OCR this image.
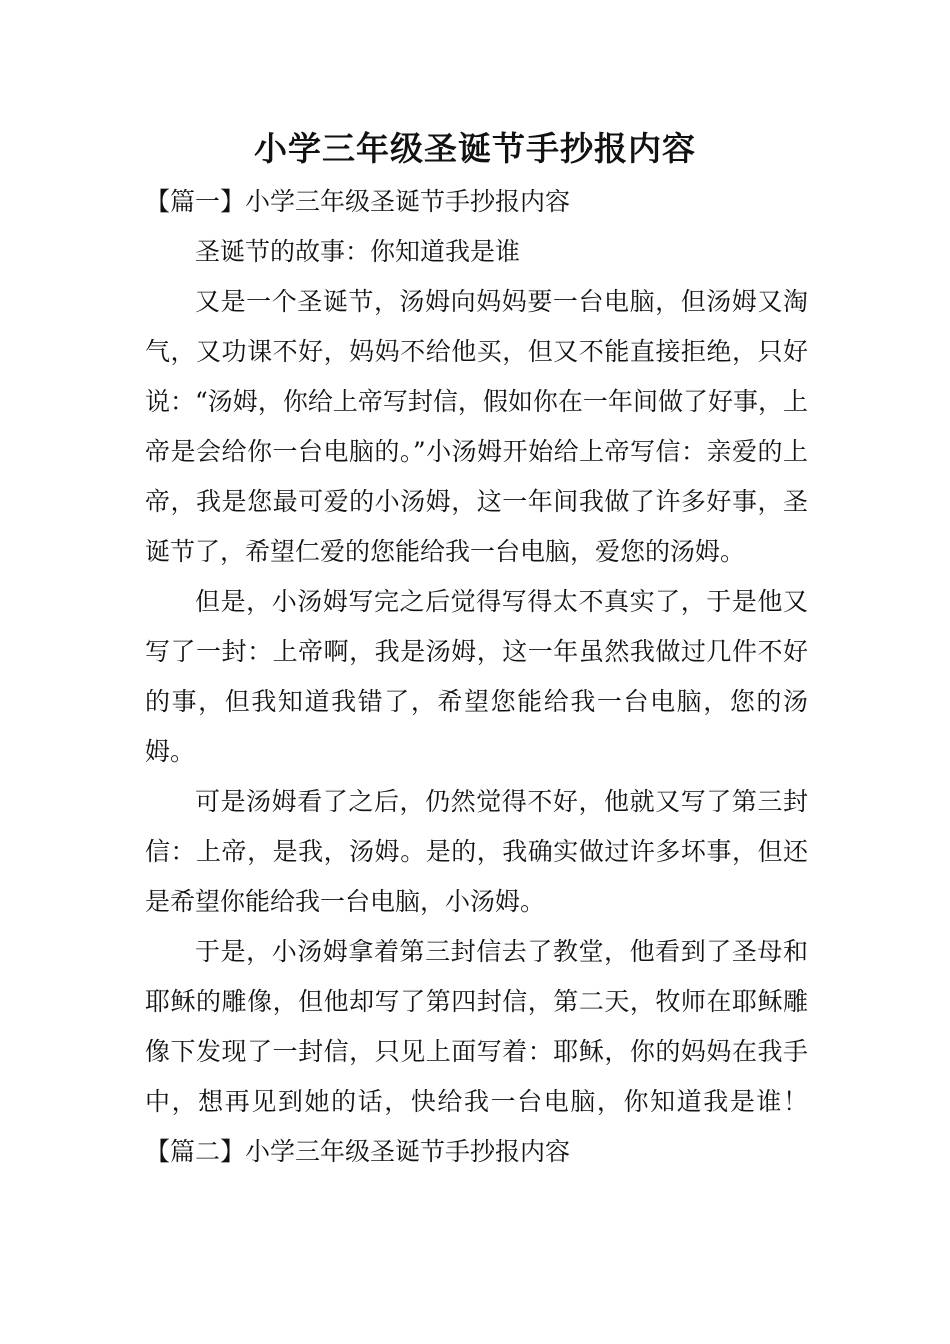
小学三年级圣诞节手抄报内容

【篇一】小学三年级圣诞节手抄报内容

圣诞节的故事：你知道我是谁

又是一个圣诞节，汤姆向妈妈要一台电脑，但汤姆又淘气，又功课不好，妈妈不给他买，但又不能直接拒绝，只好说：“汤姆，你给上帝写封信，假如你在一年间做了好事，上帝是会给你一台电脑的。”小汤姆开始给上帝写信：亲爱的上帝，我是您最可爱的小汤姆，这一年间我做了许多好事，圣诞节了，希望仁爱的您能给我一台电脑，爱您的汤姆。

但是，小汤姆写完之后觉得写得太不真实了，于是他又写了一封：上帝啊，我是汤姆，这一年虽然我做过几件不好的事，但我知道我错了，希望您能给我一台电脑，您的汤姆。

可是汤姆看了之后，仍然觉得不好，他就又写了第三封信：上帝，是我，汤姆。是的，我确实做过许多坏事，但还是希望你能给我一台电脑，小汤姆。

于是，小汤姆拿着第三封信去了教堂，他看到了圣母和耶稣的雕像，但他却写了第四封信，第二天，牧师在耶稣雕像下发现了一封信，只见上面写着：耶稣，你的妈妈在我手中，想再见到她的话，快给我一台电脑，你知道我是谁！【篇二】小学三年级圣诞节手抄报内容
